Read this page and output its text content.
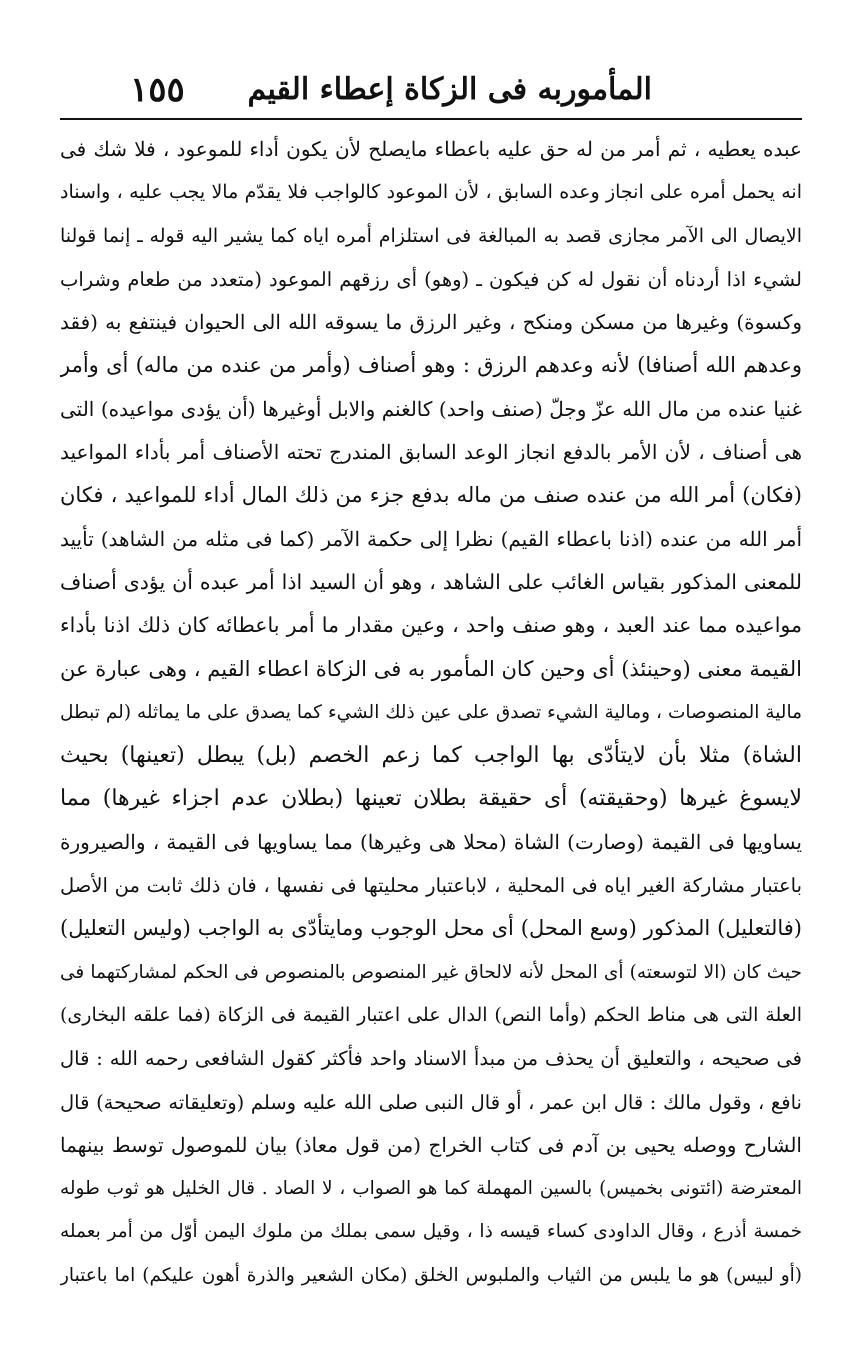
المأموربه فى الزكاة إعطاء القيم
١٥٥
عبده يعطيه ، ثم أمر من له حق عليه باعطاء مايصلح لأن يكون أداء للموعود ، فلا شك فى
انه يحمل أمره على انجاز وعده السابق ، لأن الموعود كالواجب فلا يقدّم مالا يجب عليه ، واسناد
الايصال الى الآمر مجازى قصد به المبالغة فى استلزام أمره اياه كما يشير اليه قوله ـ إنما قولنا
لشيء اذا أردناه أن نقول له كن فيكون ـ (وهو) أى رزقهم الموعود (متعدد من طعام وشراب
وكسوة) وغيرها من مسكن ومنكح ، وغير الرزق ما يسوقه الله الى الحيوان فينتفع به (فقد
وعدهم الله أصنافا) لأنه وعدهم الرزق : وهو أصناف (وأمر من عنده من ماله) أى وأمر
غنيا عنده من مال الله عزّ وجلّ (صنف واحد) كالغنم والابل أوغيرها (أن يؤدى مواعيده) التى
هى أصناف ، لأن الأمر بالدفع انجاز الوعد السابق المندرج تحته الأصناف أمر بأداء المواعيد
(فكان) أمر الله من عنده صنف من ماله بدفع جزء من ذلك المال أداء للمواعيد ، فكان
أمر الله من عنده (اذنا باعطاء القيم) نظرا إلى حكمة الآمر (كما فى مثله من الشاهد) تأييد
للمعنى المذكور بقياس الغائب على الشاهد ، وهو أن السيد اذا أمر عبده أن يؤدى أصناف
مواعيده مما عند العبد ، وهو صنف واحد ، وعين مقدار ما أمر باعطائه كان ذلك اذنا بأداء
القيمة معنى (وحينئذ) أى وحين كان المأمور به فى الزكاة اعطاء القيم ، وهى عبارة عن
مالية المنصوصات ، ومالية الشيء تصدق على عين ذلك الشيء كما يصدق على ما يماثله (لم تبطل
الشاة) مثلا بأن لايتأدّى بها الواجب كما زعم الخصم (بل) يبطل (تعينها) بحيث
لايسوغ غيرها (وحقيقته) أى حقيقة بطلان تعينها (بطلان عدم اجزاء غيرها) مما
يساويها فى القيمة (وصارت) الشاة (محلا هى وغيرها) مما يساويها فى القيمة ، والصيرورة
باعتبار مشاركة الغير اياه فى المحلية ، لاباعتبار محليتها فى نفسها ، فان ذلك ثابت من الأصل
(فالتعليل) المذكور (وسع المحل) أى محل الوجوب ومايتأدّى به الواجب (وليس التعليل)
حيث كان (الا لتوسعته) أى المحل لأنه لالحاق غير المنصوص بالمنصوص فى الحكم لمشاركتهما فى
العلة التى هى مناط الحكم (وأما النص) الدال على اعتبار القيمة فى الزكاة (فما علقه البخارى)
فى صحيحه ، والتعليق أن يحذف من مبدأ الاسناد واحد فأكثر كقول الشافعى رحمه الله : قال
نافع ، وقول مالك : قال ابن عمر ، أو قال النبى صلى الله عليه وسلم (وتعليقاته صحيحة) قال
الشارح ووصله يحيى بن آدم فى كتاب الخراج (من قول معاذ) بيان للموصول توسط بينهما
المعترضة (ائتونى بخميس) بالسين المهملة كما هو الصواب ، لا الصاد . قال الخليل هو ثوب طوله
خمسة أذرع ، وقال الداودى كساء قيسه ذا ، وقيل سمى بملك من ملوك اليمن أوّل من أمر بعمله
(أو لبيس) هو ما يلبس من الثياب والملبوس الخلق (مكان الشعير والذرة أهون عليكم) اما باعتبار
